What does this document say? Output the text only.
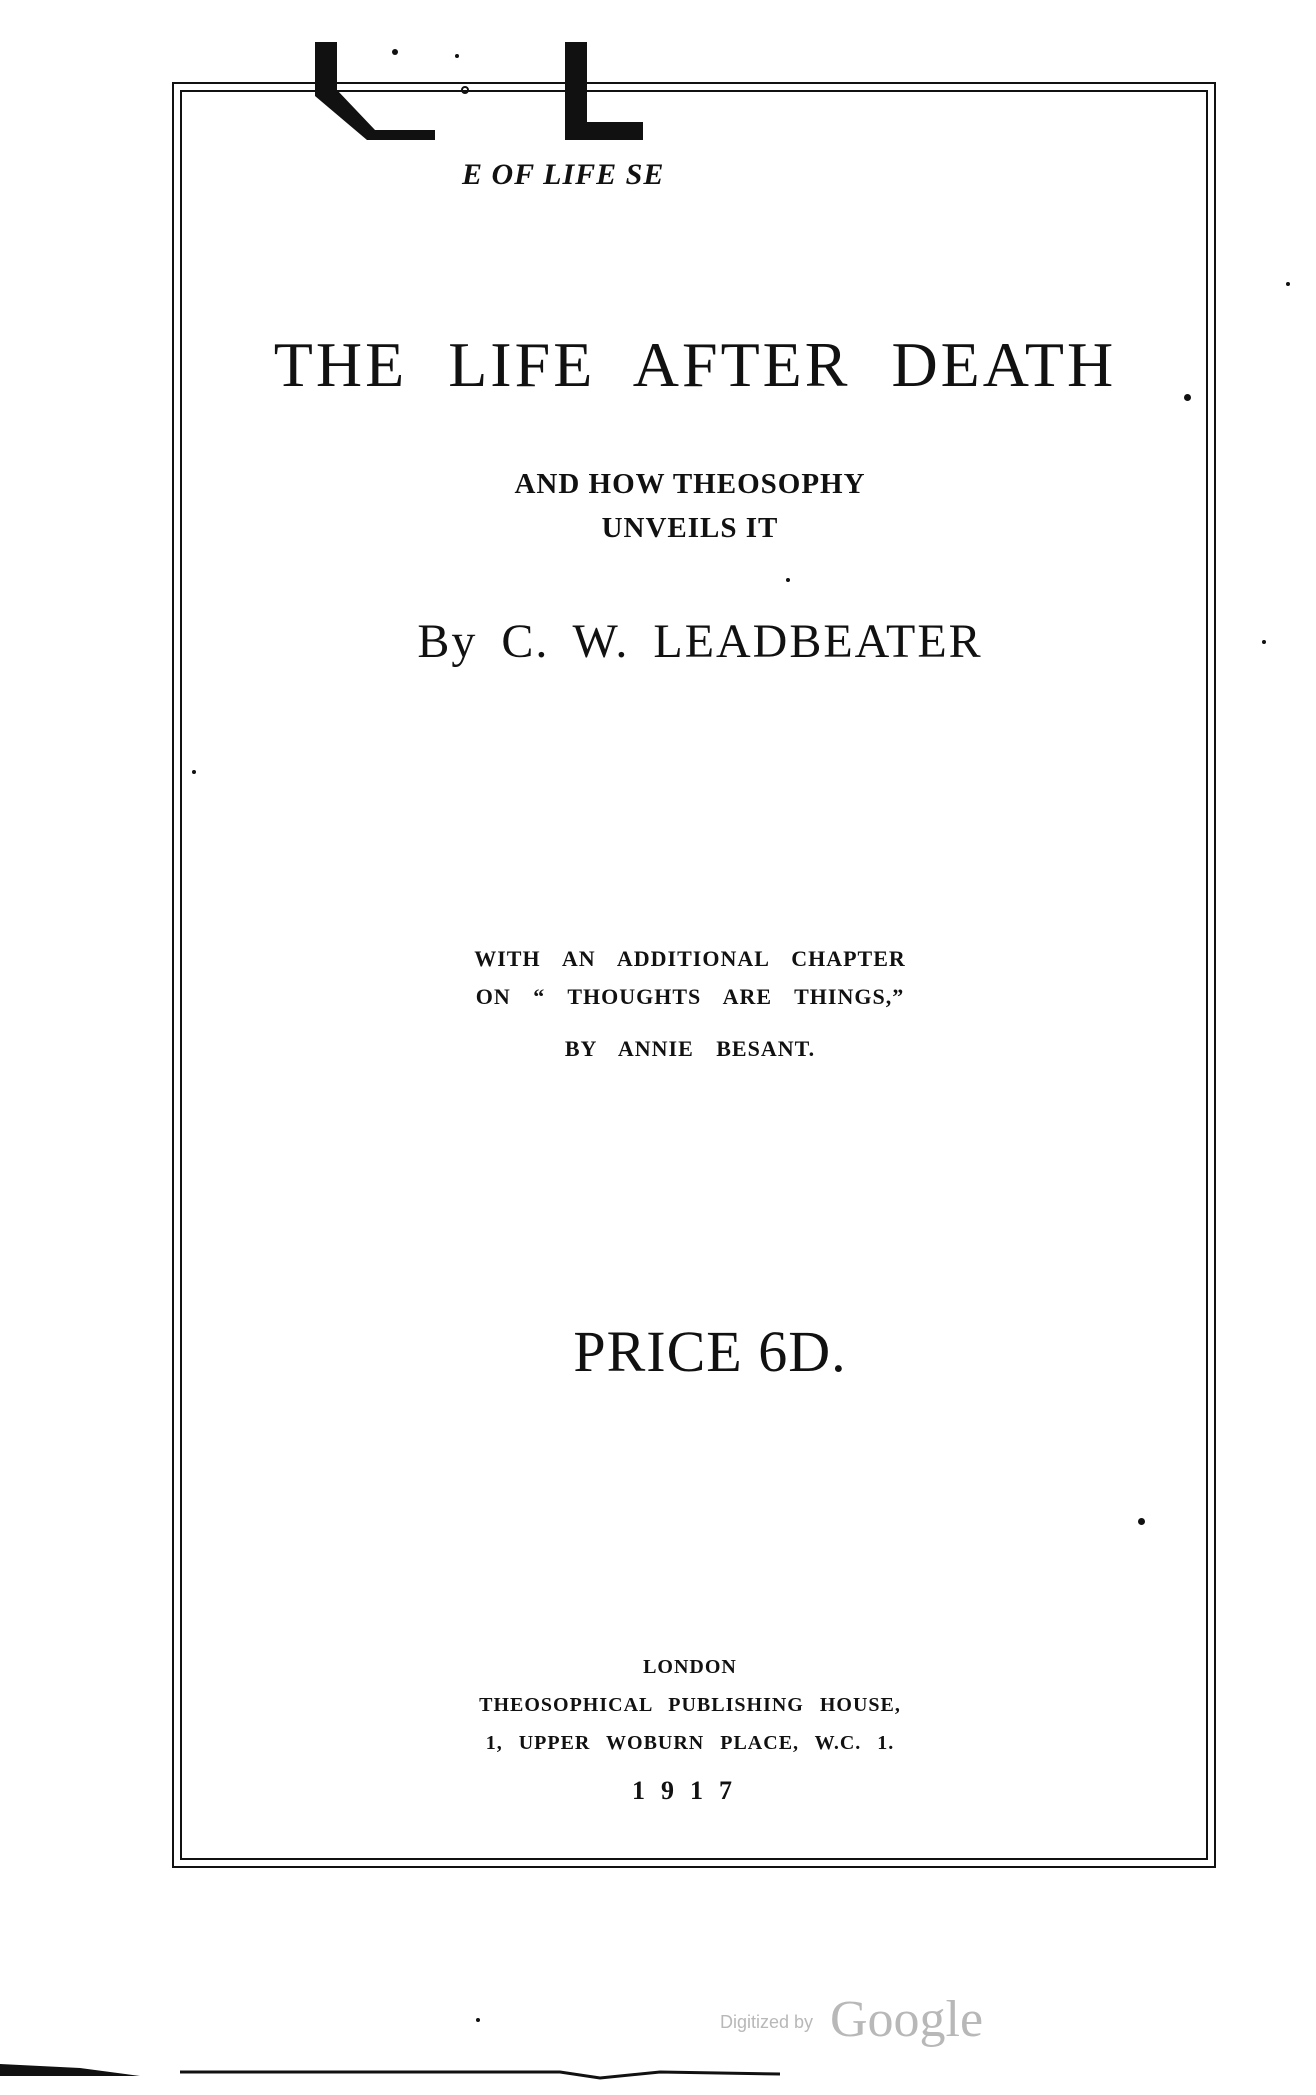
E OF LIFE SE
THE LIFE AFTER DEATH
AND HOW THEOSOPHY
UNVEILS IT
By C. W. LEADBEATER
WITH AN ADDITIONAL CHAPTER
ON “ THOUGHTS ARE THINGS,”
BY ANNIE BESANT.
PRICE 6D.
LONDON
THEOSOPHICAL PUBLISHING HOUSE,
1, UPPER WOBURN PLACE, W.C. 1.
1917
Digitized by Google
